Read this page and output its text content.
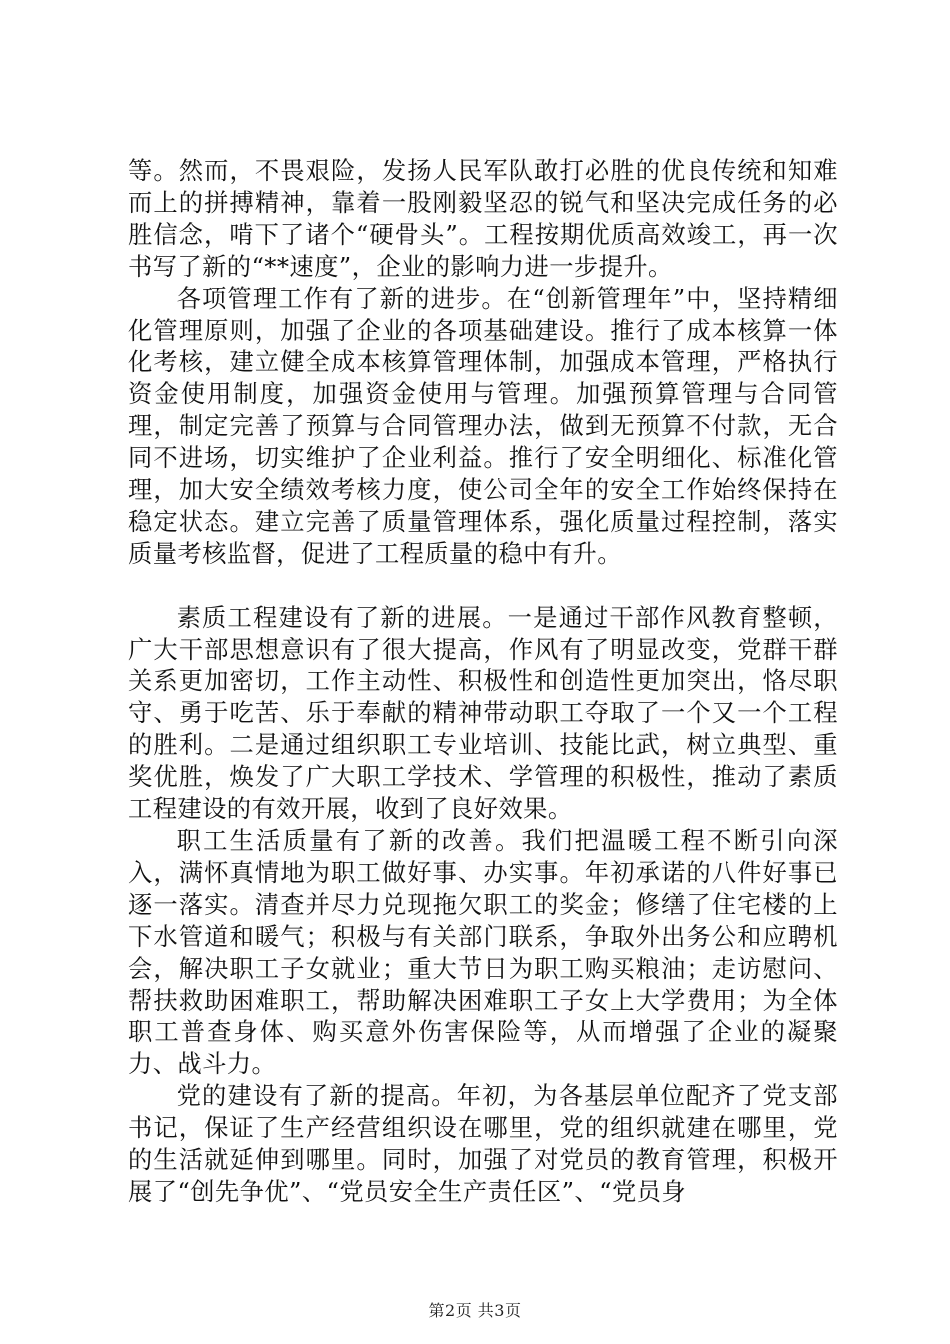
等。然而，不畏艰险，发扬人民军队敢打必胜的优良传统和知难而上的拼搏精神，靠着一股刚毅坚忍的锐气和坚决完成任务的必胜信念，啃下了诸个“硬骨头”。工程按期优质高效竣工，再一次书写了新的“**速度”，企业的影响力进一步提升。

各项管理工作有了新的进步。在“创新管理年”中，坚持精细化管理原则，加强了企业的各项基础建设。推行了成本核算一体化考核，建立健全成本核算管理体制，加强成本管理，严格执行资金使用制度，加强资金使用与管理。加强预算管理与合同管理，制定完善了预算与合同管理办法，做到无预算不付款，无合同不进场，切实维护了企业利益。推行了安全明细化、标准化管理，加大安全绩效考核力度，使公司全年的安全工作始终保持在稳定状态。建立完善了质量管理体系，强化质量过程控制，落实质量考核监督，促进了工程质量的稳中有升。

素质工程建设有了新的进展。一是通过干部作风教育整顿，广大干部思想意识有了很大提高，作风有了明显改变，党群干群关系更加密切，工作主动性、积极性和创造性更加突出，恪尽职守、勇于吃苦、乐于奉献的精神带动职工夺取了一个又一个工程的胜利。二是通过组织职工专业培训、技能比武，树立典型、重奖优胜，焕发了广大职工学技术、学管理的积极性，推动了素质工程建设的有效开展，收到了良好效果。

职工生活质量有了新的改善。我们把温暖工程不断引向深入，满怀真情地为职工做好事、办实事。年初承诺的八件好事已逐一落实。清查并尽力兑现拖欠职工的奖金；修缮了住宅楼的上下水管道和暖气；积极与有关部门联系，争取外出务公和应聘机会，解决职工子女就业；重大节日为职工购买粮油；走访慰问、帮扶救助困难职工，帮助解决困难职工子女上大学费用；为全体职工普查身体、购买意外伤害保险等，从而增强了企业的凝聚力、战斗力。

党的建设有了新的提高。年初，为各基层单位配齐了党支部书记，保证了生产经营组织设在哪里，党的组织就建在哪里，党的生活就延伸到哪里。同时，加强了对党员的教育管理，积极开展了“创先争优”、“党员安全生产责任区”、“党员身

第2页 共3页
